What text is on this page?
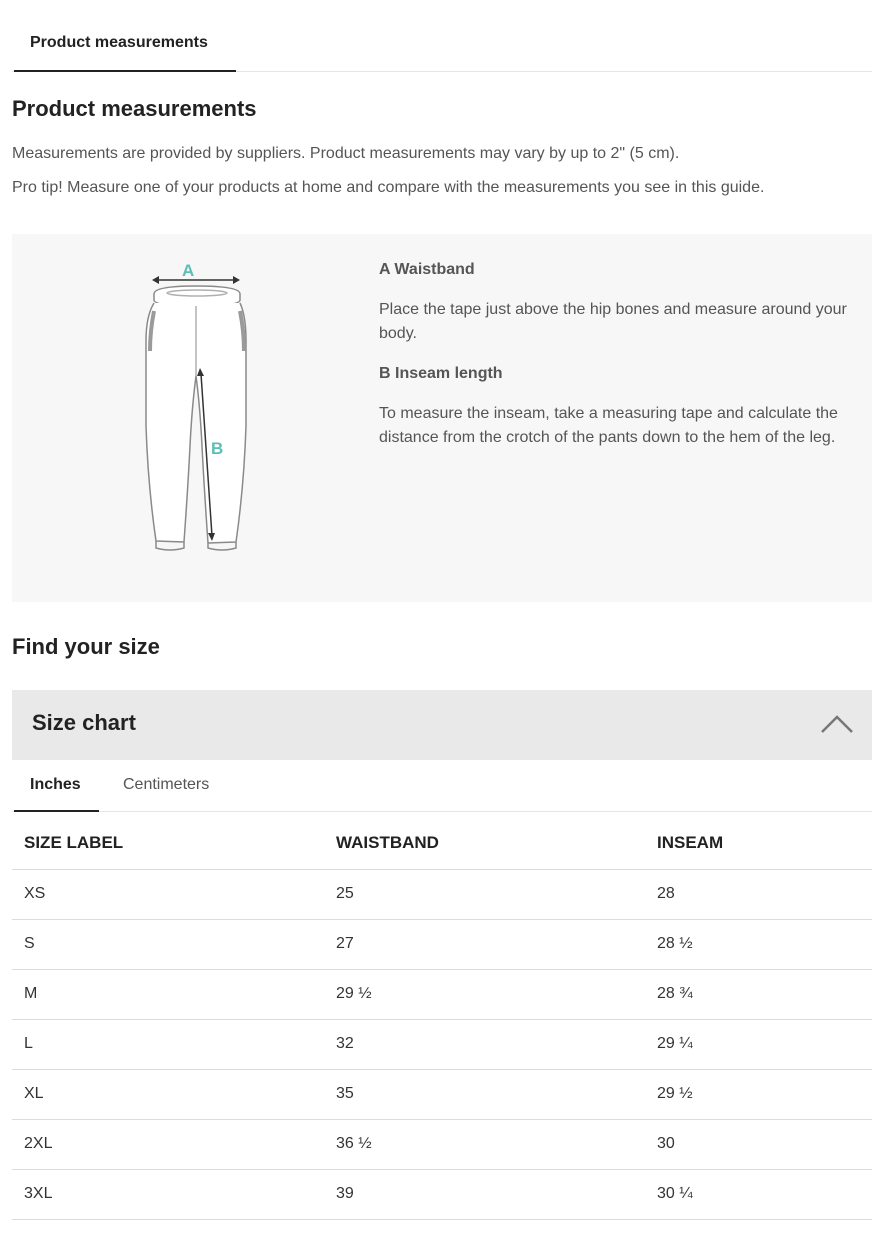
Product measurements
Product measurements
Measurements are provided by suppliers. Product measurements may vary by up to 2" (5 cm).
Pro tip! Measure one of your products at home and compare with the measurements you see in this guide.
A
B
A Waistband
Place the tape just above the hip bones and measure around your body.
B Inseam length
To measure the inseam, take a measuring tape and calculate the distance from the crotch of the pants down to the hem of the leg.
Find your size
Size chart
Inches	Centimeters
SIZE LABEL	WAISTBAND	INSEAM
XS	25	28
S	27	28 ½
M	29 ½	28 ¾
L	32	29 ¼
XL	35	29 ½
2XL	36 ½	30
3XL	39	30 ¼
